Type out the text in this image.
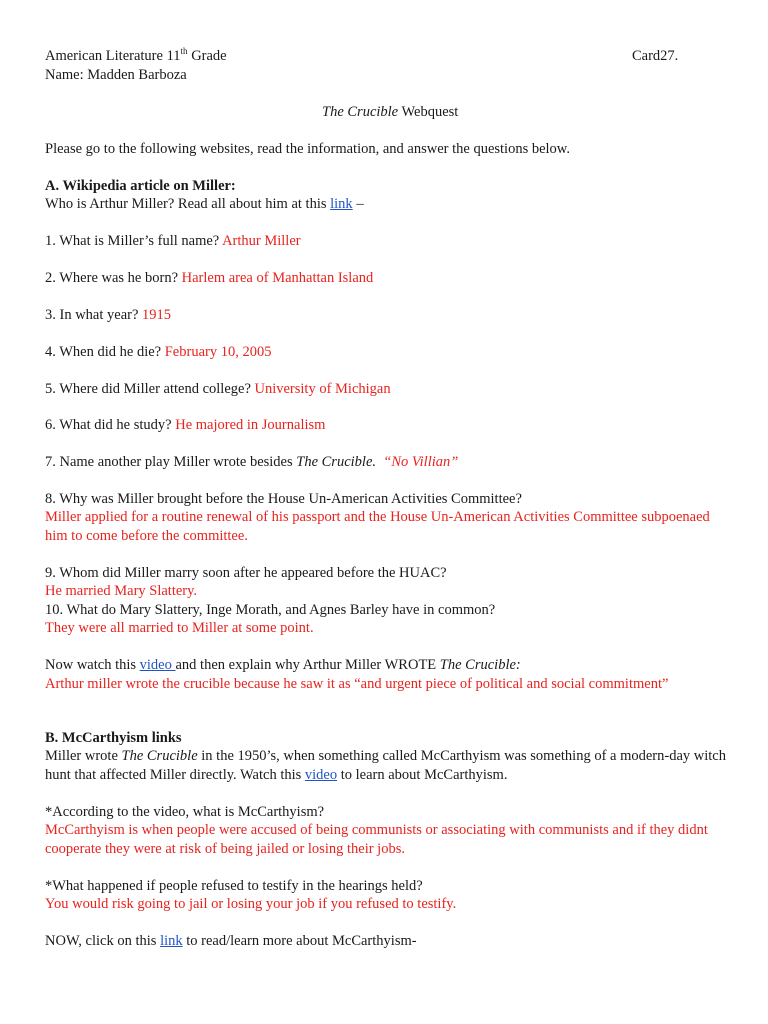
American Literature 11th Grade	Card27.
Name: Madden Barboza
The Crucible Webquest
Please go to the following websites, read the information, and answer the questions below.
A. Wikipedia article on Miller:
Who is Arthur Miller? Read all about him at this link –
1. What is Miller’s full name? Arthur Miller
2. Where was he born? Harlem area of Manhattan Island
3. In what year? 1915
4. When did he die? February 10, 2005
5. Where did Miller attend college? University of Michigan
6. What did he study? He majored in Journalism
7. Name another play Miller wrote besides The Crucible. “No Villian”
8. Why was Miller brought before the House Un-American Activities Committee?
Miller applied for a routine renewal of his passport and the House Un-American Activities Committee subpoenaed
him to come before the committee.
9. Whom did Miller marry soon after he appeared before the HUAC?
He married Mary Slattery.
10. What do Mary Slattery, Inge Morath, and Agnes Barley have in common?
They were all married to Miller at some point.
Now watch this video and then explain why Arthur Miller WROTE The Crucible:
Arthur miller wrote the crucible because he saw it as “and urgent piece of political and social commitment”
B. McCarthyism links
Miller wrote The Crucible in the 1950’s, when something called McCarthyism was something of a modern-day witch
hunt that affected Miller directly. Watch this video to learn about McCarthyism.
*According to the video, what is McCarthyism?
McCarthyism is when people were accused of being communists or associating with communists and if they didnt
cooperate they were at risk of being jailed or losing their jobs.
*What happened if people refused to testify in the hearings held?
You would risk going to jail or losing your job if you refused to testify.
NOW, click on this link to read/learn more about McCarthyism-
